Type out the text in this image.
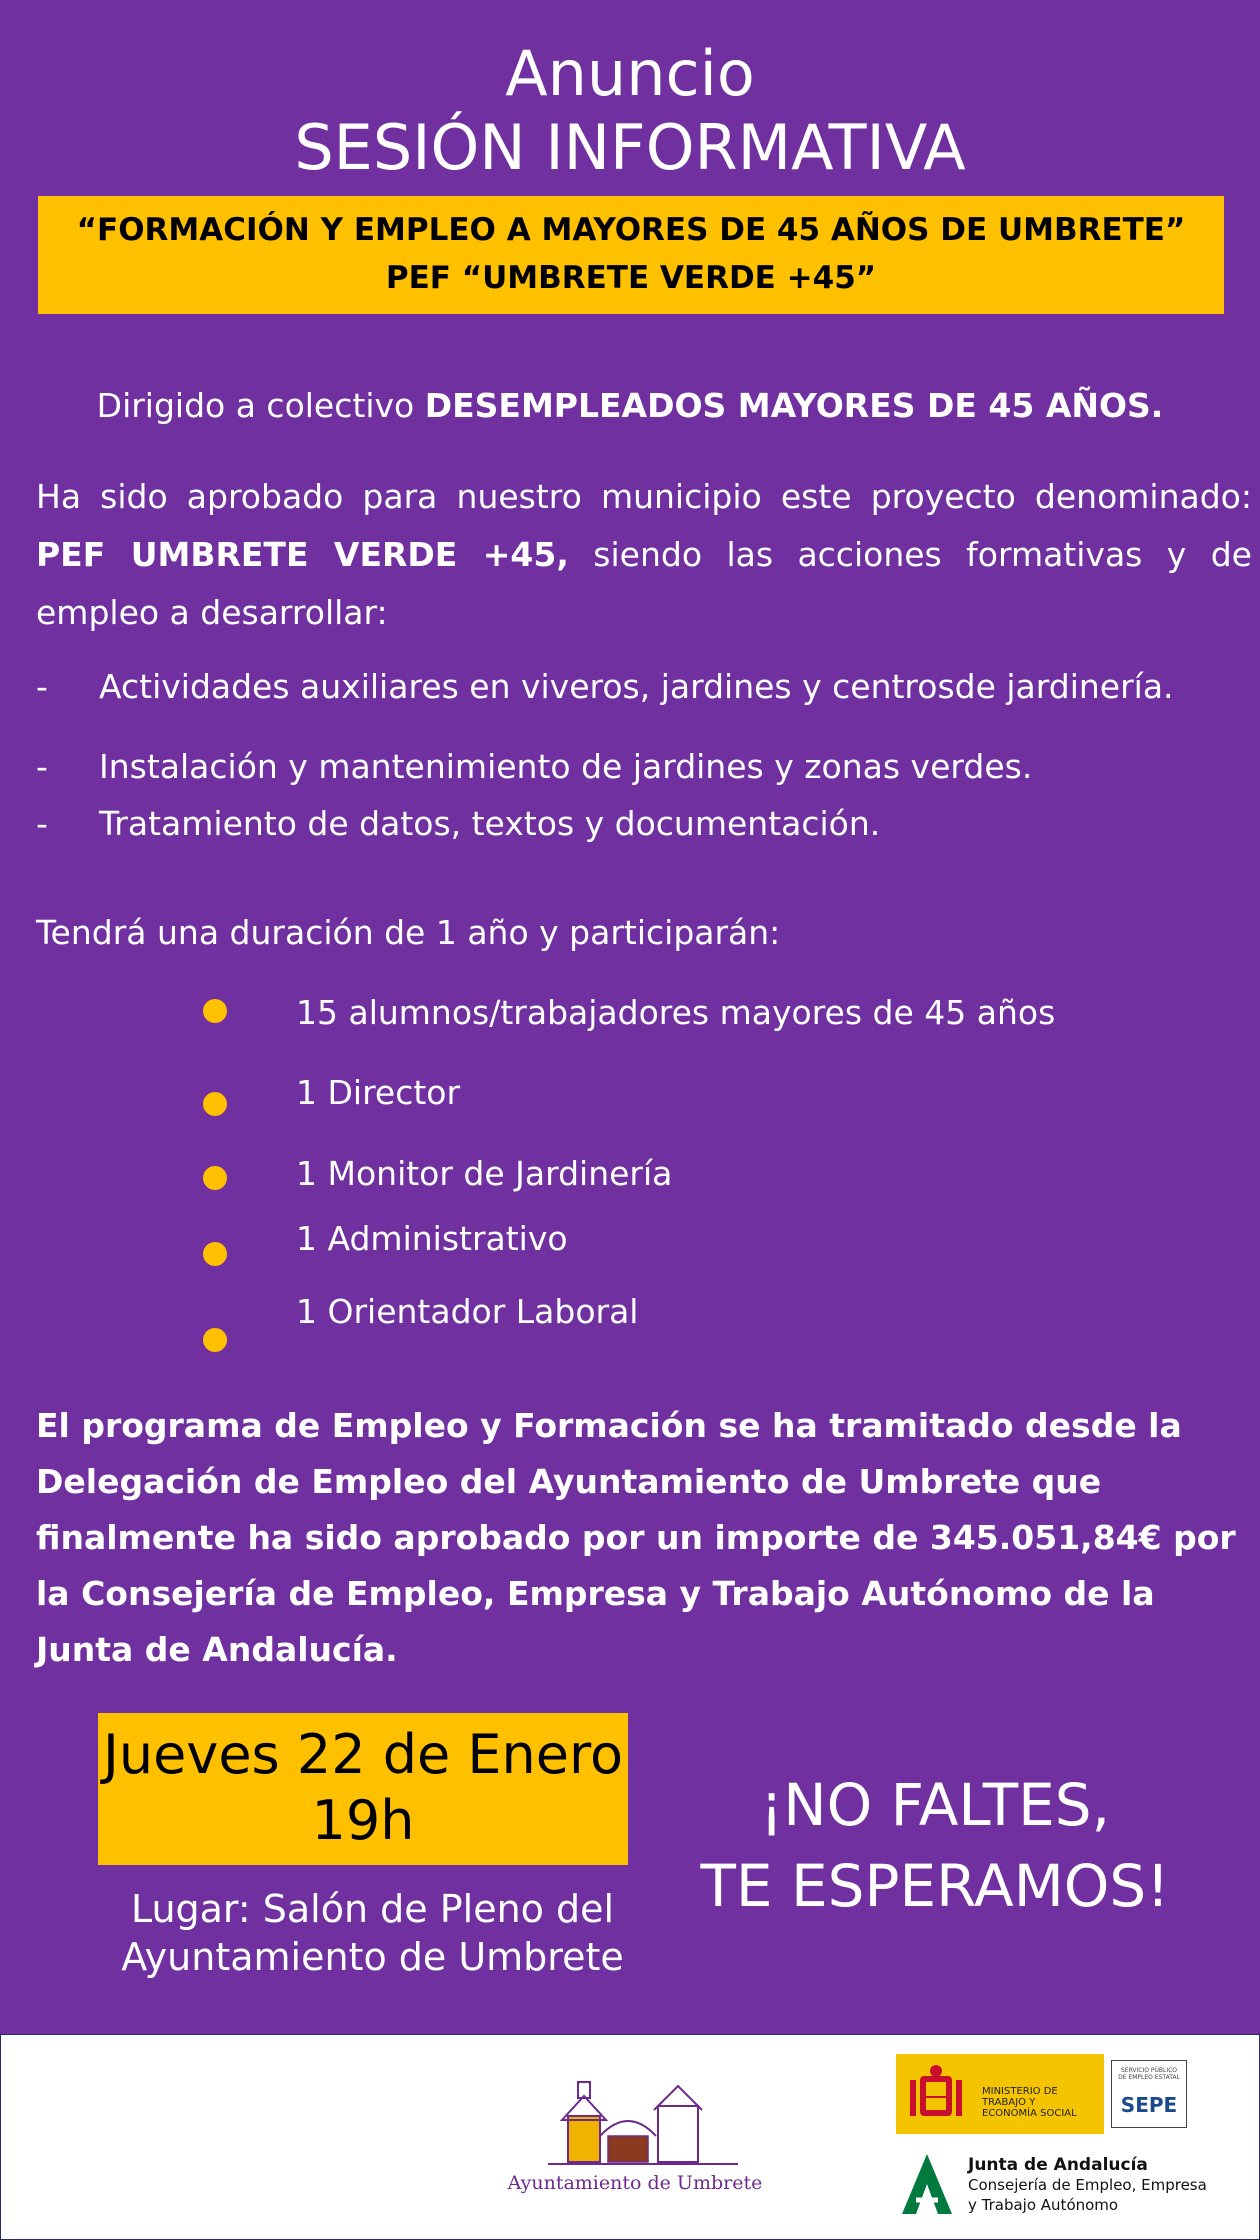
Anuncio
SESIÓN INFORMATIVA
“FORMACIÓN Y EMPLEO A MAYORES DE 45 AÑOS DE UMBRETE”
PEF “UMBRETE VERDE +45”
Dirigido a colectivo DESEMPLEADOS MAYORES DE 45 AÑOS.
Ha sido aprobado para nuestro municipio este proyecto denominado: PEF UMBRETE VERDE +45, siendo las acciones formativas y de empleo a desarrollar:
- Actividades auxiliares en viveros, jardines y centrosde jardinería.
- Instalación y mantenimiento de jardines y zonas verdes.
- Tratamiento de datos, textos y documentación.
Tendrá una duración de 1 año y participarán:
15 alumnos/trabajadores mayores de 45 años
1 Director
1 Monitor de Jardinería
1 Administrativo
1 Orientador Laboral
El programa de Empleo y Formación se ha tramitado desde la Delegación de Empleo del Ayuntamiento de Umbrete que finalmente ha sido aprobado por un importe de 345.051,84€ por la Consejería de Empleo, Empresa y Trabajo Autónomo de la Junta de Andalucía.
Jueves 22 de Enero
19h
Lugar: Salón de Pleno del
Ayuntamiento de Umbrete
¡NO FALTES,
TE ESPERAMOS!
Ayuntamiento de Umbrete
MINISTERIO DE TRABAJO Y ECONOMÍA SOCIAL
SERVICIO PÚBLICO DE EMPLEO ESTATAL
SEPE
Junta de Andalucía
Consejería de Empleo, Empresa
y Trabajo Autónomo
